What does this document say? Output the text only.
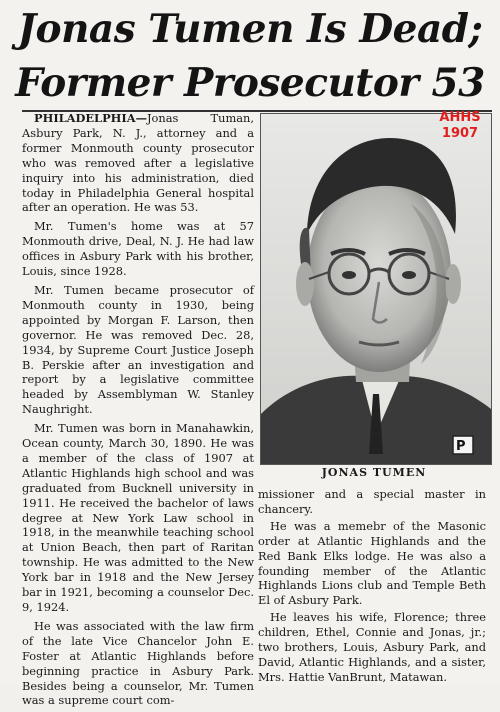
Jonas Tumen Is Dead;
Former Prosecutor 53

PHILADELPHIA—Jonas Tuman, Asbury Park, N. J., attorney and a former Monmouth county prosecutor who was removed after a legislative inquiry into his administration, died today in Philadelphia General hospital after an operation. He was 53.

Mr. Tumen's home was at 57 Monmouth drive, Deal, N. J. He had law offices in Asbury Park with his brother, Louis, since 1928.

Mr. Tumen became prosecutor of Monmouth county in 1930, being appointed by Morgan F. Larson, then governor. He was removed Dec. 28, 1934, by Supreme Court Justice Joseph B. Perskie after an investigation and report by a legislative committee headed by Assemblyman W. Stanley Naughright.

Mr. Tumen was born in Manahawkin, Ocean county, March 30, 1890. He was a member of the class of 1907 at Atlantic Highlands high school and was graduated from Bucknell university in 1911. He received the bachelor of laws degree at New York Law school in 1918, in the meanwhile teaching school at Union Beach, then part of Raritan township. He was admitted to the New York bar in 1918 and the New Jersey bar in 1921, becoming a counselor Dec. 9, 1924.

He was associated with the law firm of the late Vice Chancelor John E. Foster at Atlantic Highlands before beginning practice in Asbury Park. Besides being a counselor, Mr. Tumen was a supreme court com-

P
AHHS
1907
JONAS TUMEN

missioner and a special master in chancery.

He was a memebr of the Masonic order at Atlantic Highlands and the Red Bank Elks lodge. He was also a founding member of the Atlantic Highlands Lions club and Temple Beth El of Asbury Park.

He leaves his wife, Florence; three children, Ethel, Connie and Jonas, jr.; two brothers, Louis, Asbury Park, and David, Atlantic Highlands, and a sister, Mrs. Hattie VanBrunt, Matawan.
